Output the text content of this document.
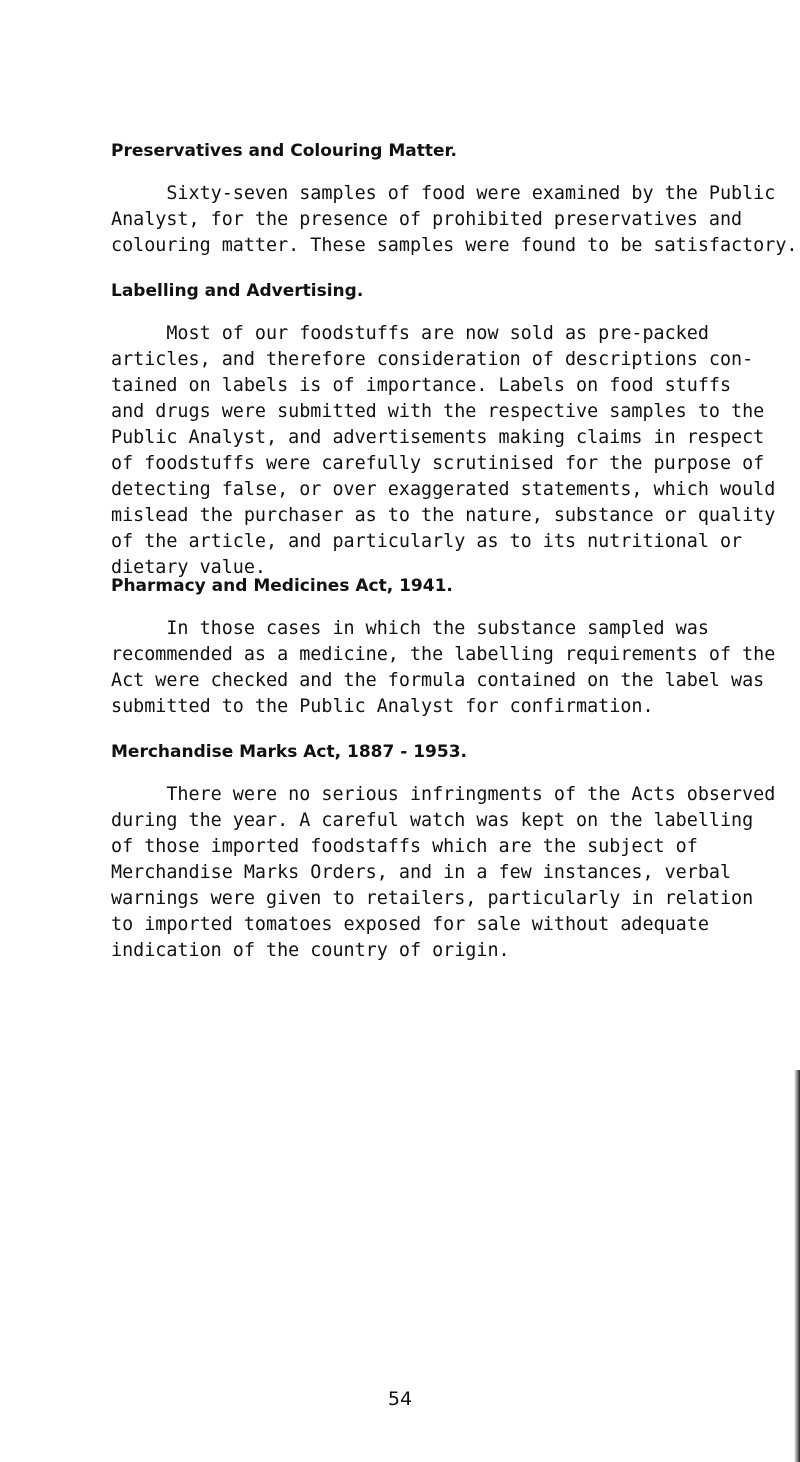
Preservatives and Colouring Matter.

Sixty-seven samples of food were examined by the Public
Analyst, for the presence of prohibited preservatives and
colouring matter. These samples were found to be satisfactory.

Labelling and Advertising.

Most of our foodstuffs are now sold as pre-packed
articles, and therefore consideration of descriptions con-
tained on labels is of importance. Labels on food stuffs
and drugs were submitted with the respective samples to the
Public Analyst, and advertisements making claims in respect
of foodstuffs were carefully scrutinised for the purpose of
detecting false, or over exaggerated statements, which would
mislead the purchaser as to the nature, substance or quality
of the article, and particularly as to its nutritional or
dietary value.

Pharmacy and Medicines Act, 1941.

In those cases in which the substance sampled was
recommended as a medicine, the labelling requirements of the
Act were checked and the formula contained on the label was
submitted to the Public Analyst for confirmation.

Merchandise Marks Act, 1887 - 1953.

There were no serious infringments of the Acts observed
during the year. A careful watch was kept on the labelling
of those imported foodstaffs which are the subject of
Merchandise Marks Orders, and in a few instances, verbal
warnings were given to retailers, particularly in relation
to imported tomatoes exposed for sale without adequate
indication of the country of origin.

54
